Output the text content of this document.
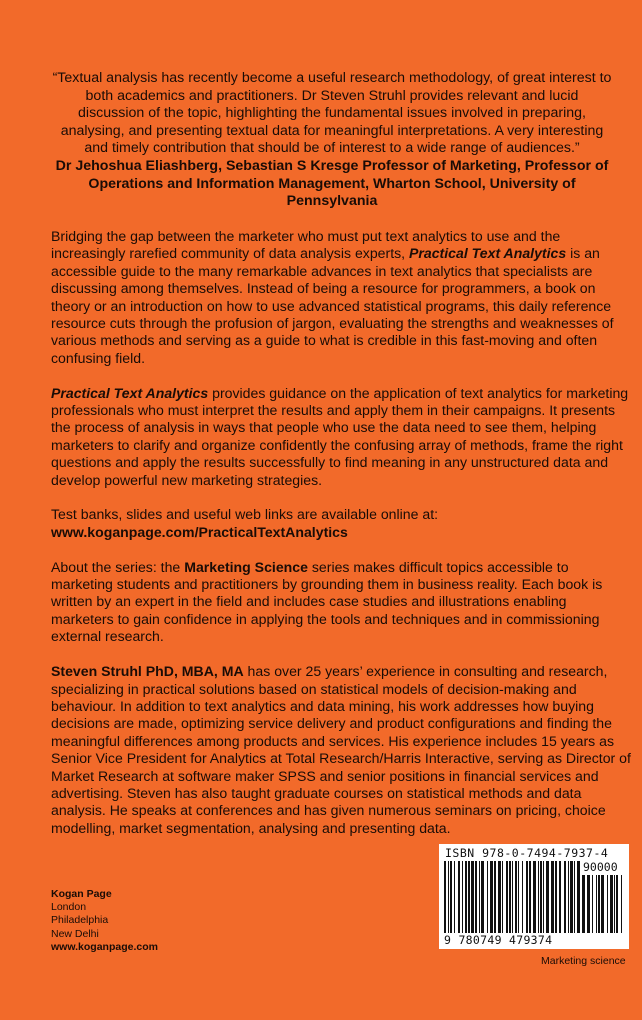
“Textual analysis has recently become a useful research methodology, of great interest to both academics and practitioners. Dr Steven Struhl provides relevant and lucid discussion of the topic, highlighting the fundamental issues involved in preparing, analysing, and presenting textual data for meaningful interpretations. A very interesting and timely contribution that should be of interest to a wide range of audiences.”
Dr Jehoshua Eliashberg, Sebastian S Kresge Professor of Marketing, Professor of Operations and Information Management, Wharton School, University of Pennsylvania

Bridging the gap between the marketer who must put text analytics to use and the increasingly rarefied community of data analysis experts, Practical Text Analytics is an accessible guide to the many remarkable advances in text analytics that specialists are discussing among themselves. Instead of being a resource for programmers, a book on theory or an introduction on how to use advanced statistical programs, this daily reference resource cuts through the profusion of jargon, evaluating the strengths and weaknesses of various methods and serving as a guide to what is credible in this fast-moving and often confusing field.

Practical Text Analytics provides guidance on the application of text analytics for marketing professionals who must interpret the results and apply them in their campaigns. It presents the process of analysis in ways that people who use the data need to see them, helping marketers to clarify and organize confidently the confusing array of methods, frame the right questions and apply the results successfully to find meaning in any unstructured data and develop powerful new marketing strategies.

Test banks, slides and useful web links are available online at:
www.koganpage.com/PracticalTextAnalytics

About the series: the Marketing Science series makes difficult topics accessible to marketing students and practitioners by grounding them in business reality. Each book is written by an expert in the field and includes case studies and illustrations enabling marketers to gain confidence in applying the tools and techniques and in commissioning external research.

Steven Struhl PhD, MBA, MA has over 25 years’ experience in consulting and research, specializing in practical solutions based on statistical models of decision-making and behaviour. In addition to text analytics and data mining, his work addresses how buying decisions are made, optimizing service delivery and product configurations and finding the meaningful differences among products and services. His experience includes 15 years as Senior Vice President for Analytics at Total Research/Harris Interactive, serving as Director of Market Research at software maker SPSS and senior positions in financial services and advertising. Steven has also taught graduate courses on statistical methods and data analysis. He speaks at conferences and has given numerous seminars on pricing, choice modelling, market segmentation, analysing and presenting data.

Kogan Page
London
Philadelphia
New Delhi
www.koganpage.com
ISBN 978-0-7494-7937-4
90000
9 780749 479374
Marketing science
